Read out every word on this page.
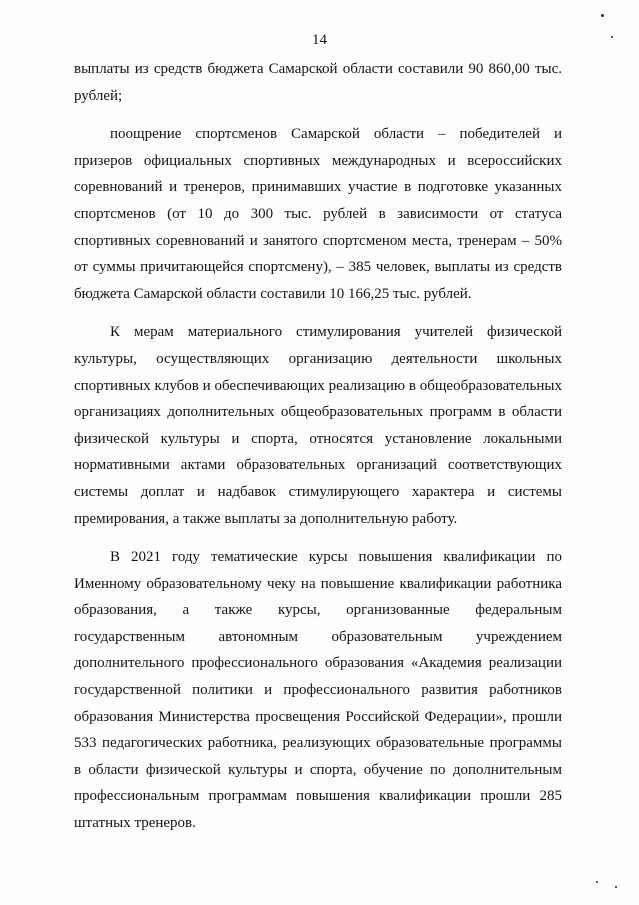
14

выплаты из средств бюджета Самарской области составили 90 860,00 тыс. рублей;

поощрение спортсменов Самарской области – победителей и призеров официальных спортивных международных и всероссийских соревнований и тренеров, принимавших участие в подготовке указанных спортсменов (от 10 до 300 тыс. рублей в зависимости от статуса спортивных соревнований и занятого спортсменом места, тренерам – 50% от суммы причитающейся спортсмену), – 385 человек, выплаты из средств бюджета Самарской области составили 10 166,25 тыс. рублей.

К мерам материального стимулирования учителей физической культуры, осуществляющих организацию деятельности школьных спортивных клубов и обеспечивающих реализацию в общеобразовательных организациях дополнительных общеобразовательных программ в области физической культуры и спорта, относятся установление локальными нормативными актами образовательных организаций соответствующих системы доплат и надбавок стимулирующего характера и системы премирования, а также выплаты за дополнительную работу.

В 2021 году тематические курсы повышения квалификации по Именному образовательному чеку на повышение квалификации работника образования, а также курсы, организованные федеральным государственным автономным образовательным учреждением дополнительного профессионального образования «Академия реализации государственной политики и профессионального развития работников образования Министерства просвещения Российской Федерации», прошли 533 педагогических работника, реализующих образовательные программы в области физической культуры и спорта, обучение по дополнительным профессиональным программам повышения квалификации прошли 285 штатных тренеров.
